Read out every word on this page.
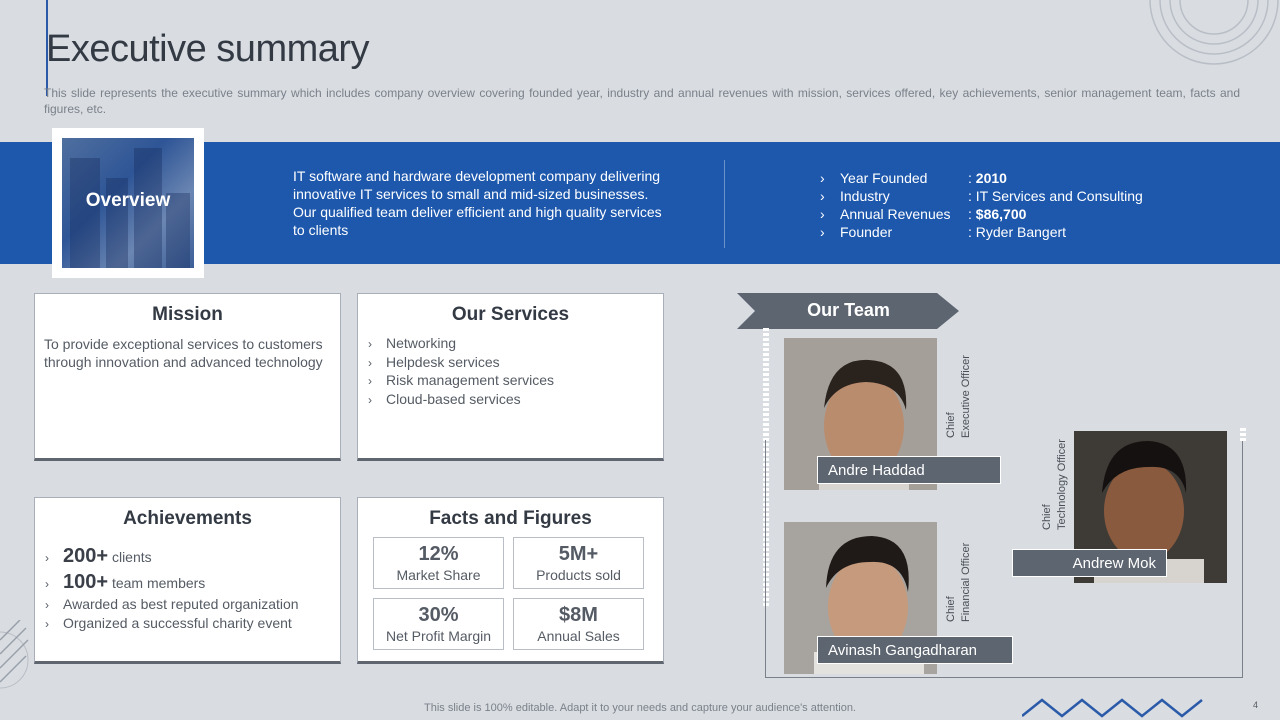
Executive summary

This slide represents the executive summary which includes company overview covering founded year, industry and annual revenues with mission, services offered, key achievements, senior management team, facts and figures, etc.

Overview

IT software and hardware development company delivering innovative IT services to small and mid-sized businesses. Our qualified team deliver efficient and high quality services to clients

› Year Founded	: 2010
› Industry	: IT Services and Consulting
› Annual Revenues : $86,700
› Founder	: Ryder Bangert
Mission

To provide exceptional services to customers through innovation and advanced technology

Our Services
› Networking
› Helpdesk services
› Risk management services
› Cloud-based services
Achievements
› 200+ clients
› 100+ team members
› Awarded as best reputed organization
› Organized a successful charity event
Facts and Figures
12%
Market Share
5M+
Products sold
30%
Net Profit Margin
$8M
Annual Sales
Our Team
Andre Haddad
Chief Executive Officer
Avinash Gangadharan
Chief Financial Officer	Andrew Mok
Chief Technology Officer
This slide is 100% editable. Adapt it to your needs and capture your audience's attention.	4
